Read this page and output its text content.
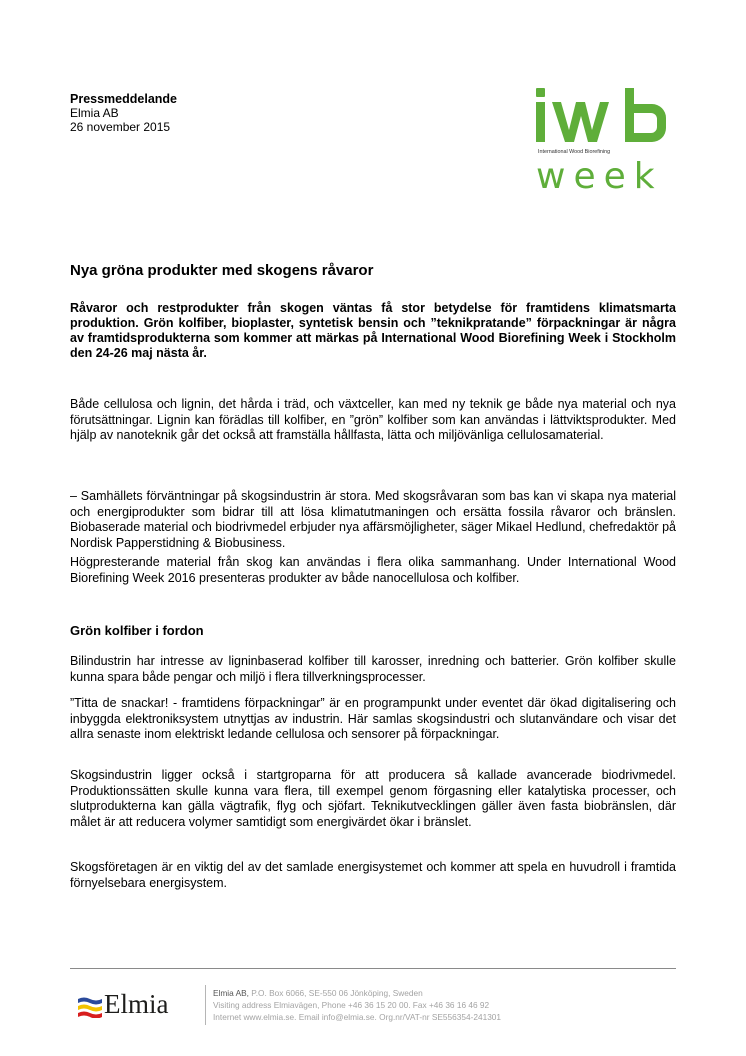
Pressmeddelande
Elmia AB
26 november 2015
International Wood Biorefining
week
Nya gröna produkter med skogens råvaror

Råvaror och restprodukter från skogen väntas få stor betydelse för framtidens klimatsmarta produktion. Grön kolfiber, bioplaster, syntetisk bensin och ”teknikpratande” förpackningar är några av framtidsprodukterna som kommer att märkas på International Wood Biorefining Week i Stockholm den 24-26 maj nästa år.

Både cellulosa och lignin, det hårda i träd, och växtceller, kan med ny teknik ge både nya material och nya förutsättningar. Lignin kan förädlas till kolfiber, en ”grön” kolfiber som kan användas i lättviktsprodukter. Med hjälp av nanoteknik går det också att framställa hållfasta, lätta och miljövänliga cellulosamaterial.

– Samhällets förväntningar på skogsindustrin är stora. Med skogsråvaran som bas kan vi skapa nya material och energiprodukter som bidrar till att lösa klimatutmaningen och ersätta fossila råvaror och bränslen. Biobaserade material och biodrivmedel erbjuder nya affärsmöjligheter, säger Mikael Hedlund, chefredaktör på Nordisk Papperstidning & Biobusiness.

Högpresterande material från skog kan användas i flera olika sammanhang. Under International Wood Biorefining Week 2016 presenteras produkter av både nanocellulosa och kolfiber.

Grön kolfiber i fordon

Bilindustrin har intresse av ligninbaserad kolfiber till karosser, inredning och batterier. Grön kolfiber skulle kunna spara både pengar och miljö i flera tillverkningsprocesser.

”Titta de snackar! - framtidens förpackningar” är en programpunkt under eventet där ökad digitalisering och inbyggda elektroniksystem utnyttjas av industrin. Här samlas skogsindustri och slutanvändare och visar det allra senaste inom elektriskt ledande cellulosa och sensorer på förpackningar.

Skogsindustrin ligger också i startgroparna för att producera så kallade avancerade biodrivmedel. Produktionssätten skulle kunna vara flera, till exempel genom förgasning eller katalytiska processer, och slutprodukterna kan gälla vägtrafik, flyg och sjöfart. Teknikutvecklingen gäller även fasta biobränslen, där målet är att reducera volymer samtidigt som energivärdet ökar i bränslet.

Skogsföretagen är en viktig del av det samlade energisystemet och kommer att spela en huvudroll i framtida förnyelsebara energisystem.

Elmia	Elmia AB, P.O. Box 6066, SE-550 06 Jönköping, Sweden
Visiting address Elmiavägen, Phone +46 36 15 20 00. Fax +46 36 16 46 92
Internet www.elmia.se. Email info@elmia.se. Org.nr/VAT-nr SE556354-241301
